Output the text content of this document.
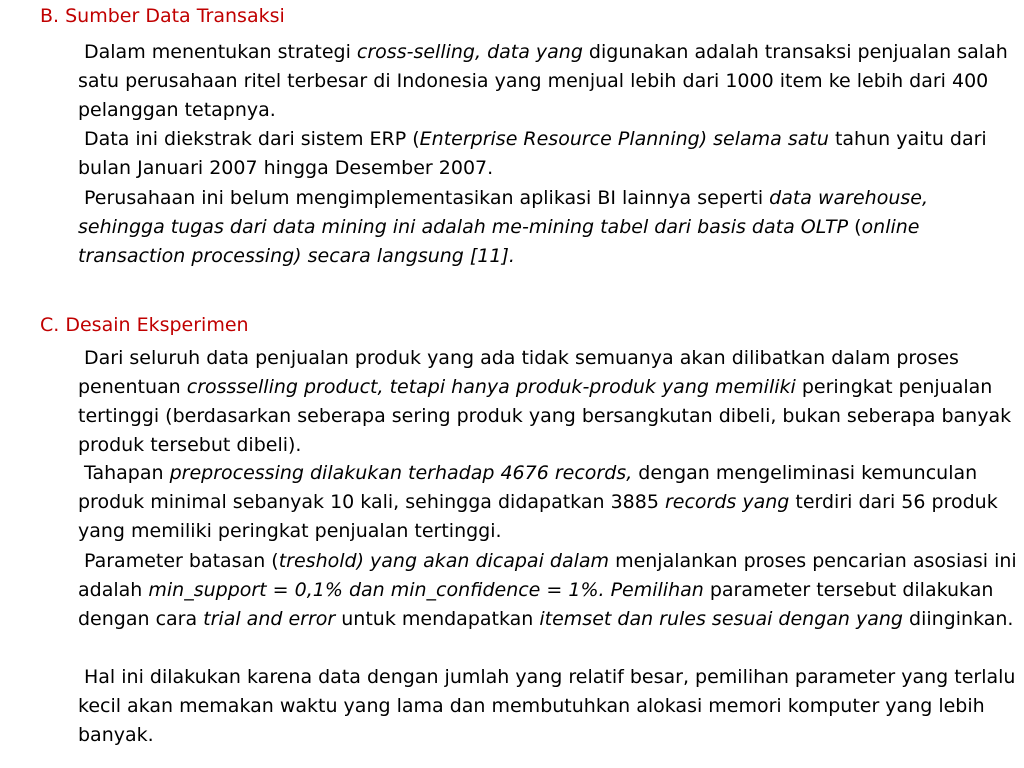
B. Sumber Data Transaksi

Dalam menentukan strategi cross-selling, data yang digunakan adalah transaksi penjualan salah satu perusahaan ritel terbesar di Indonesia yang menjual lebih dari 1000 item ke lebih dari 400 pelanggan tetapnya.

Data ini diekstrak dari sistem ERP (Enterprise Resource Planning) selama satu tahun yaitu dari bulan Januari 2007 hingga Desember 2007.

Perusahaan ini belum mengimplementasikan aplikasi BI lainnya seperti data warehouse, sehingga tugas dari data mining ini adalah me-mining tabel dari basis data OLTP (online transaction processing) secara langsung [11].

C. Desain Eksperimen

Dari seluruh data penjualan produk yang ada tidak semuanya akan dilibatkan dalam proses penentuan crossselling product, tetapi hanya produk-produk yang memiliki peringkat penjualan tertinggi (berdasarkan seberapa sering produk yang bersangkutan dibeli, bukan seberapa banyak produk tersebut dibeli).

Tahapan preprocessing dilakukan terhadap 4676 records, dengan mengeliminasi kemunculan produk minimal sebanyak 10 kali, sehingga didapatkan 3885 records yang terdiri dari 56 produk yang memiliki peringkat penjualan tertinggi.

Parameter batasan (treshold) yang akan dicapai dalam menjalankan proses pencarian asosiasi ini adalah min_support = 0,1% dan min_confidence = 1%. Pemilihan parameter tersebut dilakukan dengan cara trial and error untuk mendapatkan itemset dan rules sesuai dengan yang diinginkan.

Hal ini dilakukan karena data dengan jumlah yang relatif besar, pemilihan parameter yang terlalu kecil akan memakan waktu yang lama dan membutuhkan alokasi memori komputer yang lebih banyak.
